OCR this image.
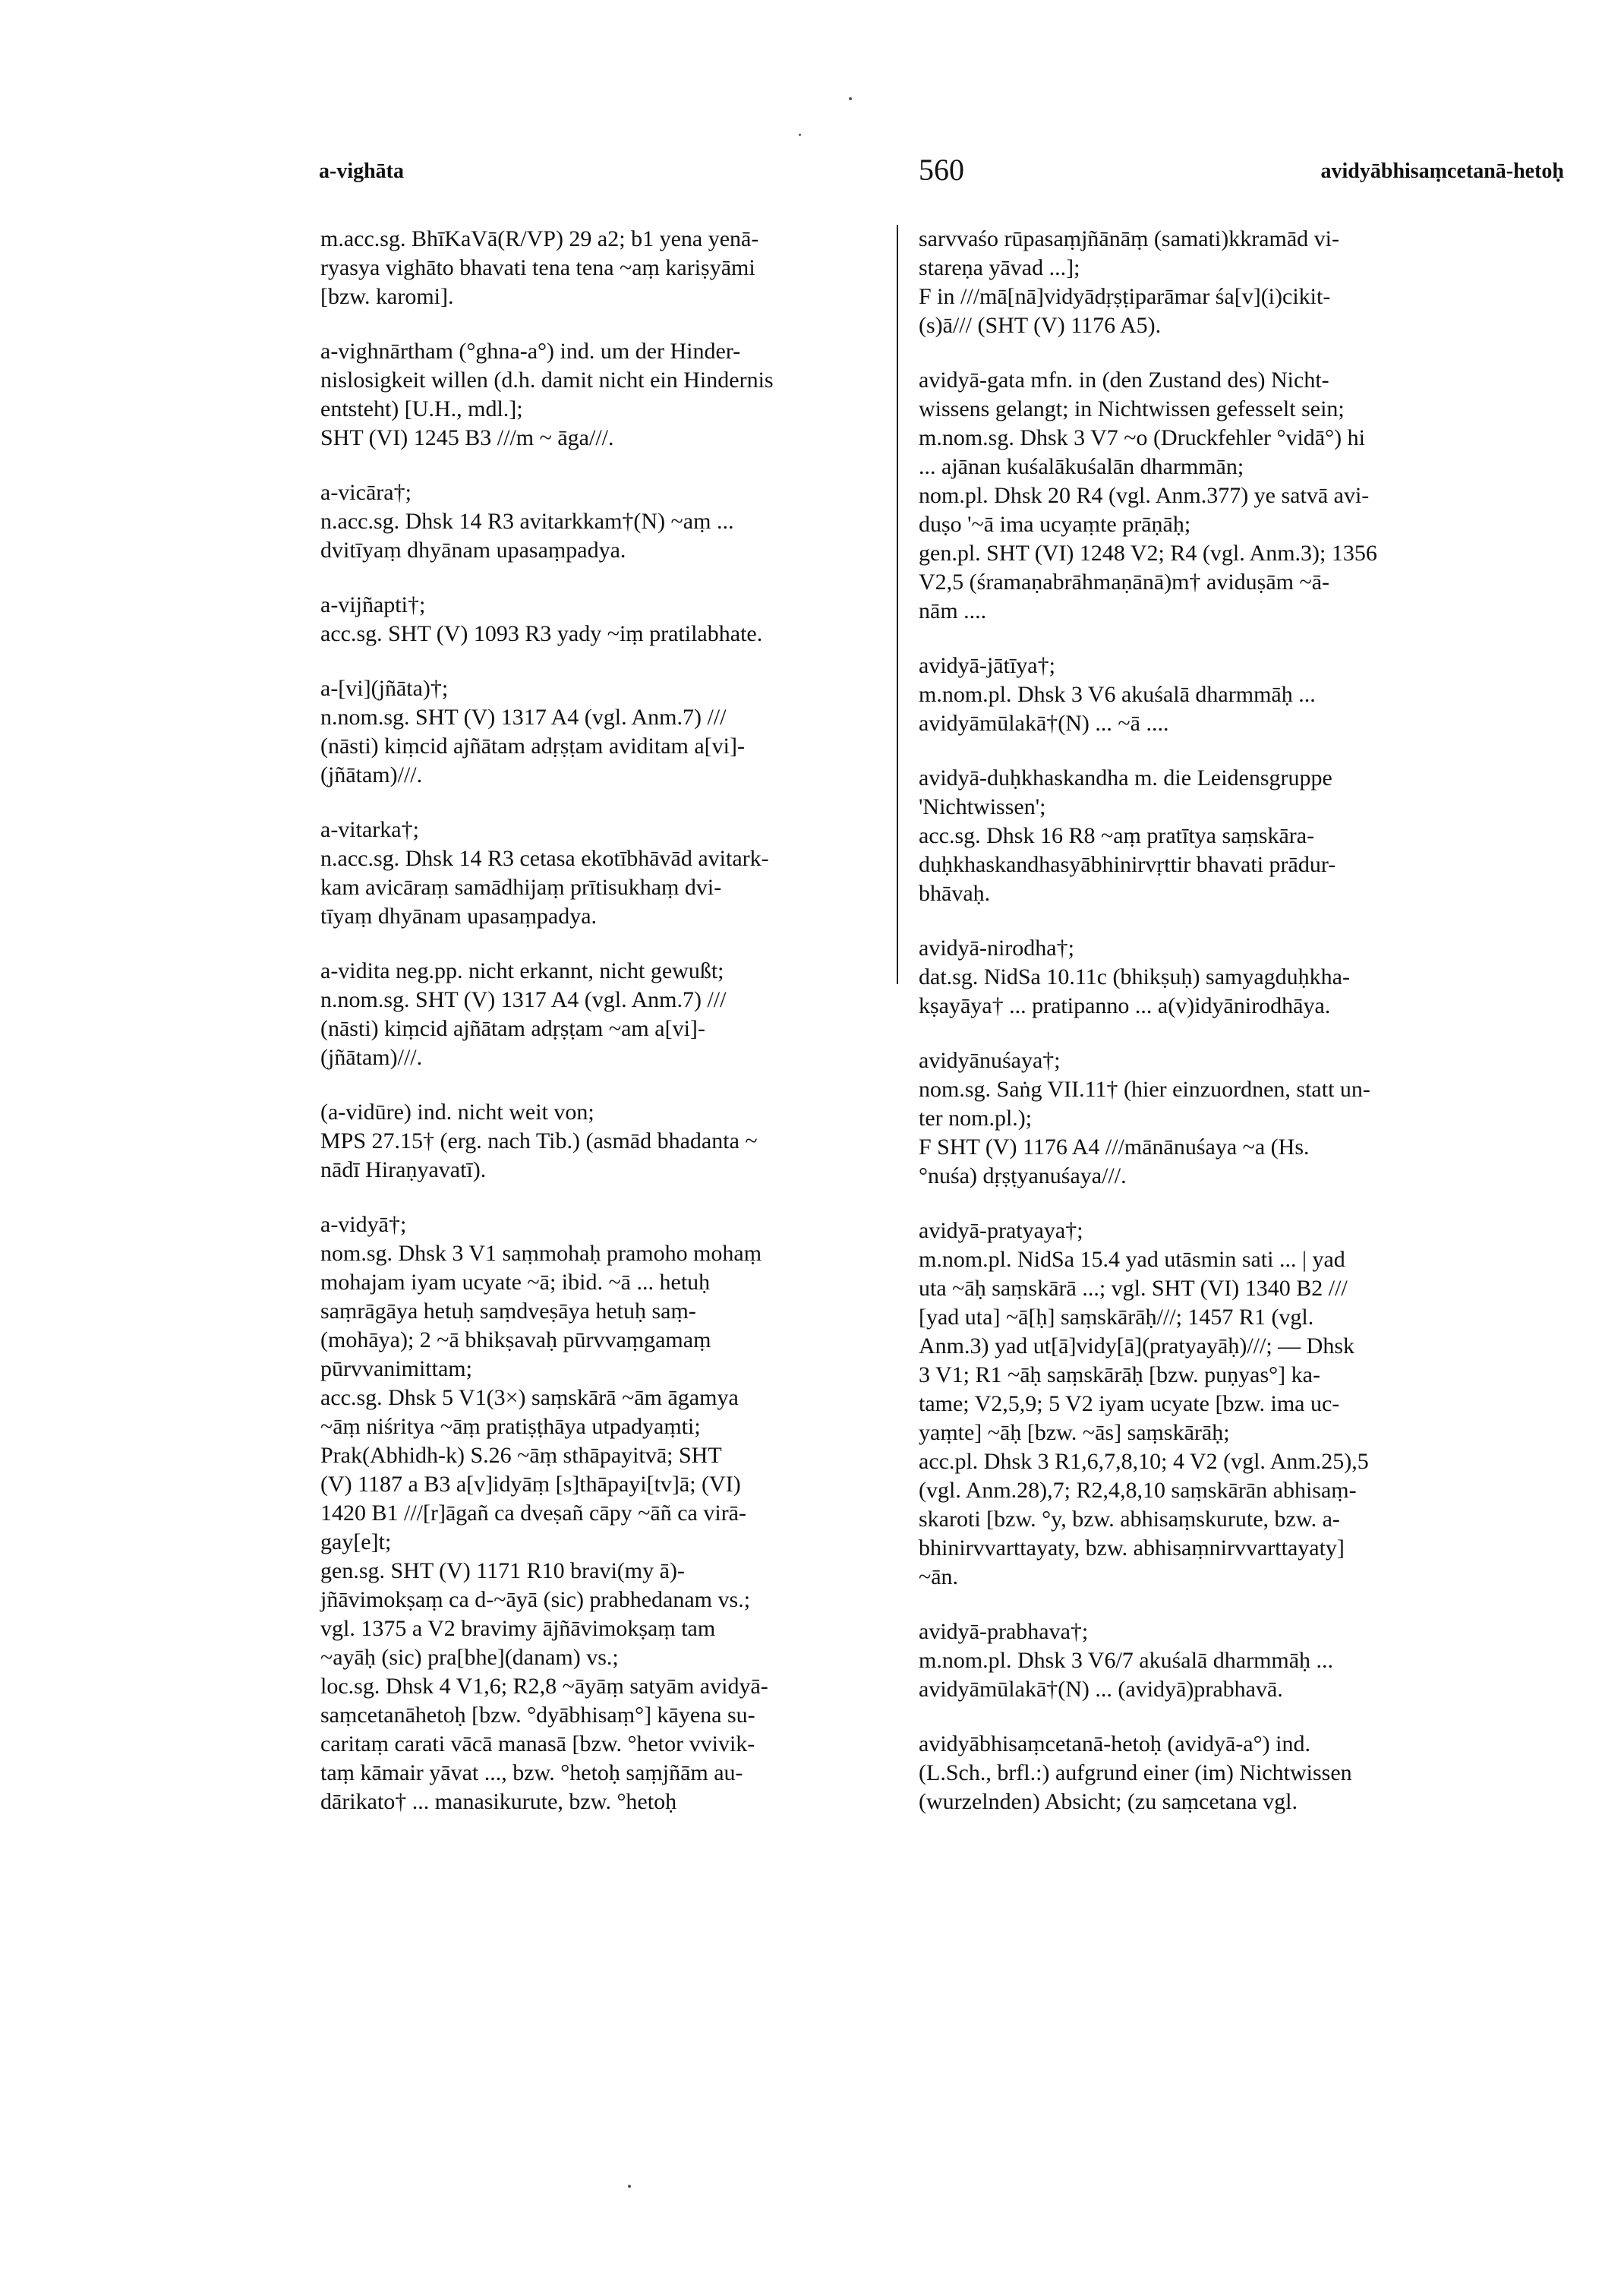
a-vighāta	560	avidyābhisaṃcetanā-hetoḥ

m.acc.sg. BhīKaVā(R/VP) 29 a2; b1 yena yenā-

ryasya vighāto bhavati tena tena ~aṃ kariṣyāmi

[bzw. karomi].

a-vighnārtham (°ghna-a°) ind. um der Hinder-

nislosigkeit willen (d.h. damit nicht ein Hindernis

entsteht) [U.H., mdl.];

SHT (VI) 1245 B3 ///m ~ āga///.

a-vicāra†;

n.acc.sg. Dhsk 14 R3 avitarkkam†(N) ~aṃ ...

dvitīyaṃ dhyānam upasaṃpadya.

a-vijñapti†;

acc.sg. SHT (V) 1093 R3 yady ~iṃ pratilabhate.

a-[vi](jñāta)†;

n.nom.sg. SHT (V) 1317 A4 (vgl. Anm.7) ///

(nāsti) kiṃcid ajñātam adṛṣṭam aviditam a[vi]-

(jñātam)///.

a-vitarka†;

n.acc.sg. Dhsk 14 R3 cetasa ekotībhāvād avitark-

kam avicāraṃ samādhijaṃ prītisukhaṃ dvi-

tīyaṃ dhyānam upasaṃpadya.

a-vidita neg.pp. nicht erkannt, nicht gewußt;

n.nom.sg. SHT (V) 1317 A4 (vgl. Anm.7) ///

(nāsti) kiṃcid ajñātam adṛṣṭam ~am a[vi]-

(jñātam)///.

(a-vidūre) ind. nicht weit von;

MPS 27.15† (erg. nach Tib.) (asmād bhadanta ~

nādī Hiraṇyavatī).

a-vidyā†;

nom.sg. Dhsk 3 V1 saṃmohaḥ pramoho mohaṃ

mohajam iyam ucyate ~ā; ibid. ~ā ... hetuḥ

saṃrāgāya hetuḥ saṃdveṣāya hetuḥ saṃ-

(mohāya); 2 ~ā bhikṣavaḥ pūrvvaṃgamaṃ

pūrvvanimittam;

acc.sg. Dhsk 5 V1(3×) saṃskārā ~ām āgamya

~āṃ niśritya ~āṃ pratiṣṭhāya utpadyaṃti;

Prak(Abhidh-k) S.26 ~āṃ sthāpayitvā; SHT

(V) 1187 a B3 a[v]idyāṃ [s]thāpayi[tv]ā; (VI)

1420 B1 ///[r]āgañ ca dveṣañ cāpy ~āñ ca virā-

gay[e]t;

gen.sg. SHT (V) 1171 R10 bravi(my ā)-

jñāvimokṣaṃ ca d-~āyā (sic) prabhedanam vs.;

vgl. 1375 a V2 bravimy ājñāvimokṣaṃ tam

~ayāḥ (sic) pra[bhe](danam) vs.;

loc.sg. Dhsk 4 V1,6; R2,8 ~āyāṃ satyām avidyā-

saṃcetanāhetoḥ [bzw. °dyābhisaṃ°] kāyena su-

caritaṃ carati vācā manasā [bzw. °hetor vvivik-

taṃ kāmair yāvat ..., bzw. °hetoḥ saṃjñām au-

dārikato† ... manasikurute, bzw. °hetoḥ

sarvvaśo rūpasaṃjñānāṃ (samati)kkramād vi-

stareṇa yāvad ...];

F in ///mā[nā]vidyādṛṣṭiparāmar śa[v](i)cikit-

(s)ā/// (SHT (V) 1176 A5).

avidyā-gata mfn. in (den Zustand des) Nicht-

wissens gelangt; in Nichtwissen gefesselt sein;

m.nom.sg. Dhsk 3 V7 ~o (Druckfehler °vidā°) hi

... ajānan kuśalākuśalān dharmmān;

nom.pl. Dhsk 20 R4 (vgl. Anm.377) ye satvā avi-

duṣo '~ā ima ucyaṃte prāṇāḥ;

gen.pl. SHT (VI) 1248 V2; R4 (vgl. Anm.3); 1356

V2,5 (śramaṇabrāhmaṇānā)m† aviduṣām ~ā-

nām ....

avidyā-jātīya†;

m.nom.pl. Dhsk 3 V6 akuśalā dharmmāḥ ...

avidyāmūlakā†(N) ... ~ā ....

avidyā-duḥkhaskandha m. die Leidensgruppe

'Nichtwissen';

acc.sg. Dhsk 16 R8 ~aṃ pratītya saṃskāra-

duḥkhaskandhasyābhinirvṛttir bhavati prādur-

bhāvaḥ.

avidyā-nirodha†;

dat.sg. NidSa 10.11c (bhikṣuḥ) samyagduḥkha-

kṣayāya† ... pratipanno ... a(v)idyānirodhāya.

avidyānuśaya†;

nom.sg. Saṅg VII.11† (hier einzuordnen, statt un-

ter nom.pl.);

F SHT (V) 1176 A4 ///mānānuśaya ~a (Hs.

°nuśa) dṛṣṭyanuśaya///.

avidyā-pratyaya†;

m.nom.pl. NidSa 15.4 yad utāsmin sati ... | yad

uta ~āḥ saṃskārā ...; vgl. SHT (VI) 1340 B2 ///

[yad uta] ~ā[ḥ] saṃskārāḥ///; 1457 R1 (vgl.

Anm.3) yad ut[ā]vidy[ā](pratyayāḥ)///; — Dhsk

3 V1; R1 ~āḥ saṃskārāḥ [bzw. puṇyas°] ka-

tame; V2,5,9; 5 V2 iyam ucyate [bzw. ima uc-

yaṃte] ~āḥ [bzw. ~ās] saṃskārāḥ;

acc.pl. Dhsk 3 R1,6,7,8,10; 4 V2 (vgl. Anm.25),5

(vgl. Anm.28),7; R2,4,8,10 saṃskārān abhisaṃ-

skaroti [bzw. °y, bzw. abhisaṃskurute, bzw. a-

bhinirvvarttayaty, bzw. abhisaṃnirvvarttayaty]

~ān.

avidyā-prabhava†;

m.nom.pl. Dhsk 3 V6/7 akuśalā dharmmāḥ ...

avidyāmūlakā†(N) ... (avidyā)prabhavā.

avidyābhisaṃcetanā-hetoḥ (avidyā-a°) ind.

(L.Sch., brfl.:) aufgrund einer (im) Nichtwissen

(wurzelnden) Absicht; (zu saṃcetana vgl.
